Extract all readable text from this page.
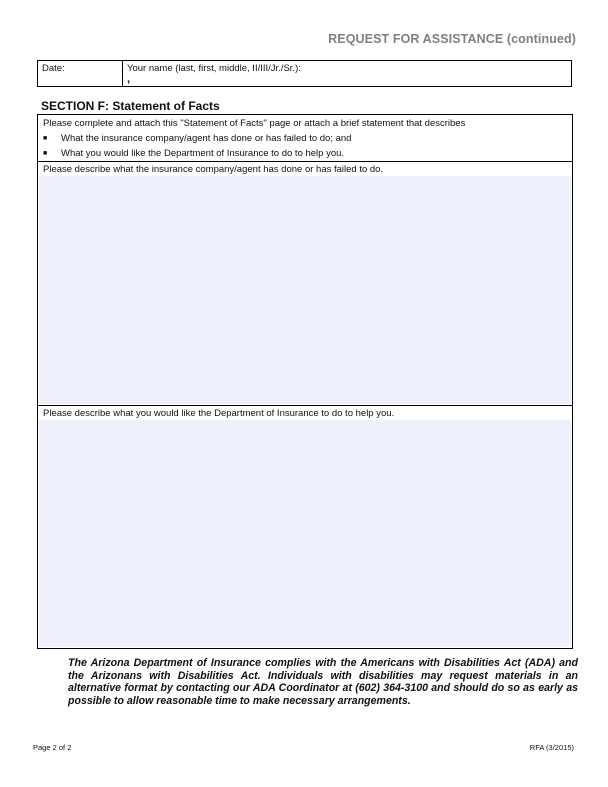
REQUEST FOR ASSISTANCE (continued)
Date:	Your name (last, first, middle, II/III/Jr./Sr.):
,
SECTION F: Statement of Facts
Please complete and attach this "Statement of Facts" page or attach a brief statement that describes
■	What the insurance company/agent has done or has failed to do; and
■	What you would like the Department of Insurance to do to help you.
Please describe what the insurance company/agent has done or has failed to do.
Please describe what you would like the Department of Insurance to do to help you.
The Arizona Department of Insurance complies with the Americans with Disabilities Act (ADA) and the Arizonans with Disabilities Act. Individuals with disabilities may request materials in an alternative format by contacting our ADA Coordinator at (602) 364-3100 and should do so as early as possible to allow reasonable time to make necessary arrangements.
Page 2 of 2	RFA (3/2015)
